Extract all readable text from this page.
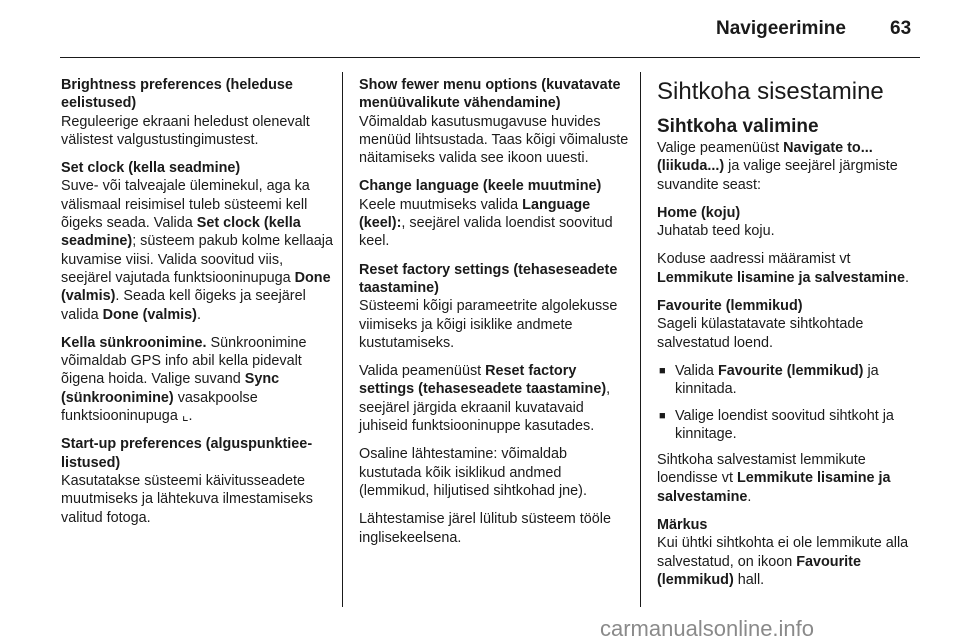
Navigeerimine 63

Brightness preferences (heleduse eelistused)
Reguleerige ekraani heledust olenevalt välistest valgustustingimustest.

Set clock (kella seadmine)
Suve- või talveajale üleminekul, aga ka välismaal reisimisel tuleb süsteemi kell õigeks seada. Valida Set clock (kella seadmine); süsteem pakub kolme kellaaja kuvamise viisi. Valida soovitud viis, seejärel vajutada funktsiooninupuga Done (valmis). Seada kell õigeks ja seejärel valida Done (valmis).

Kella sünkroonimine. Sünkroonimine võimaldab GPS info abil kella pidevalt õigena hoida. Valige suvand Sync (sünkroonimine) vasakpoolse funktsiooninupuga ⌞.

Start-up preferences (alguspunktieelistused)
Kasutatakse süsteemi käivitusseadete muutmiseks ja lähtekuva ilmestamiseks valitud fotoga.

Show fewer menu options (kuvatavate menüüvalikute vähendamine)
Võimaldab kasutusmugavuse huvides menüüd lihtsustada. Taas kõigi võimaluste näitamiseks valida see ikoon uuesti.

Change language (keele muutmine)
Keele muutmiseks valida Language (keel):, seejärel valida loendist soovitud keel.

Reset factory settings (tehaseseadete taastamine)
Süsteemi kõigi parameetrite algolekusse viimiseks ja kõigi isiklike andmete kustutamiseks.

Valida peamenüüst Reset factory settings (tehaseseadete taastamine), seejärel järgida ekraanil kuvatavaid juhiseid funktsiooninuppe kasutades.

Osaline lähtestamine: võimaldab kustutada kõik isiklikud andmed (lemmikud, hiljutised sihtkohad jne).

Lähtestamise järel lülitub süsteem tööle inglisekeelsena.

Sihtkoha sisestamine
Sihtkoha valimine

Valige peamenüüst Navigate to... (liikuda...) ja valige seejärel järgmiste suvandite seast:

Home (koju)
Juhatab teed koju.

Koduse aadressi määramist vt Lemmikute lisamine ja salvestamine.

Favourite (lemmikud)
Sageli külastatavate sihtkohtade salvestatud loend.

■ Valida Favourite (lemmikud) ja kinnitada.
■ Valige loendist soovitud sihtkoht ja kinnitage.

Sihtkoha salvestamist lemmikute loendisse vt Lemmikute lisamine ja salvestamine.

Märkus
Kui ühtki sihtkohta ei ole lemmikute alla salvestatud, on ikoon Favourite (lemmikud) hall.

carmanualsonline.info
